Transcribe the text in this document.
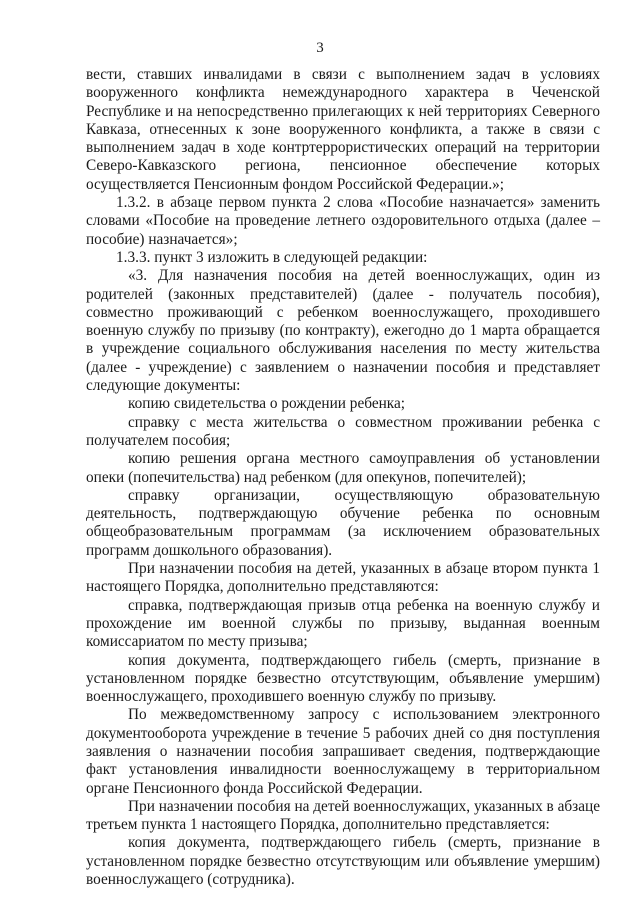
3

вести, ставших инвалидами в связи с выполнением задач в условиях вооруженного конфликта немеждународного характера в Чеченской Республике и на непосредственно прилегающих к ней территориях Северного Кавказа, отнесенных к зоне вооруженного конфликта, а также в связи с выполнением задач в ходе контртеррористических операций на территории Северо-Кавказского региона, пенсионное обеспечение которых осуществляется Пенсионным фондом Российской Федерации.»;

1.3.2. в абзаце первом пункта 2 слова «Пособие назначается» заменить словами «Пособие на проведение летнего оздоровительного отдыха (далее – пособие) назначается»;

1.3.3. пункт 3 изложить в следующей редакции:

«3. Для назначения пособия на детей военнослужащих, один из родителей (законных представителей) (далее - получатель пособия), совместно проживающий с ребенком военнослужащего, проходившего военную службу по призыву (по контракту), ежегодно до 1 марта обращается в учреждение социального обслуживания населения по месту жительства (далее - учреждение) с заявлением о назначении пособия и представляет следующие документы:

копию свидетельства о рождении ребенка;

справку с места жительства о совместном проживании ребенка с получателем пособия;

копию решения органа местного самоуправления об установлении опеки (попечительства) над ребенком (для опекунов, попечителей);

справку организации, осуществляющую образовательную деятельность, подтверждающую обучение ребенка по основным общеобразовательным программам (за исключением образовательных программ дошкольного образования).

При назначении пособия на детей, указанных в абзаце втором пункта 1 настоящего Порядка, дополнительно представляются:

справка, подтверждающая призыв отца ребенка на военную службу и прохождение им военной службы по призыву, выданная военным комиссариатом по месту призыва;

копия документа, подтверждающего гибель (смерть, признание в установленном порядке безвестно отсутствующим, объявление умершим) военнослужащего, проходившего военную службу по призыву.

По межведомственному запросу с использованием электронного документооборота учреждение в течение 5 рабочих дней со дня поступления заявления о назначении пособия запрашивает сведения, подтверждающие факт установления инвалидности военнослужащему в территориальном органе Пенсионного фонда Российской Федерации.

При назначении пособия на детей военнослужащих, указанных в абзаце третьем пункта 1 настоящего Порядка, дополнительно представляется:

копия документа, подтверждающего гибель (смерть, признание в установленном порядке безвестно отсутствующим или объявление умершим) военнослужащего (сотрудника).
